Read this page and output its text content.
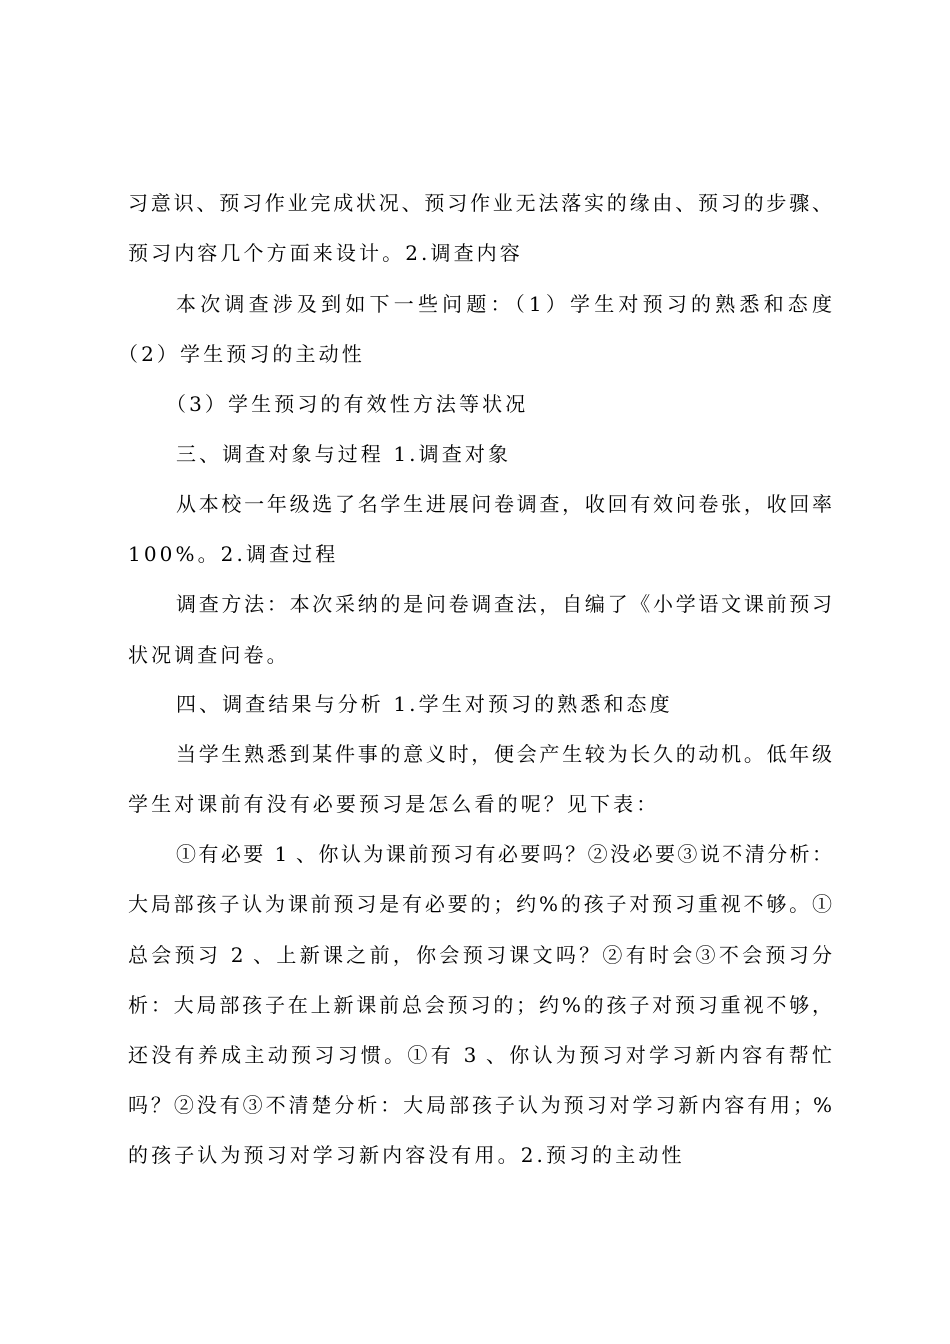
习意识、预习作业完成状况、预习作业无法落实的缘由、预习的步骤、
预习内容几个方面来设计。2.调查内容
本次调查涉及到如下一些问题：（1）学生对预习的熟悉和态度
（2）学生预习的主动性
（3）学生预习的有效性方法等状况
三、调查对象与过程 1.调查对象
从本校一年级选了名学生进展问卷调查，收回有效问卷张，收回率
100%。2.调查过程
调查方法：本次采纳的是问卷调查法，自编了《小学语文课前预习
状况调查问卷。
四、调查结果与分析 1.学生对预习的熟悉和态度
当学生熟悉到某件事的意义时，便会产生较为长久的动机。低年级
学生对课前有没有必要预习是怎么看的呢？见下表：
①有必要 1 、你认为课前预习有必要吗？②没必要③说不清分析：
大局部孩子认为课前预习是有必要的；约%的孩子对预习重视不够。①
总会预习 2 、上新课之前，你会预习课文吗？②有时会③不会预习分
析：大局部孩子在上新课前总会预习的；约%的孩子对预习重视不够，
还没有养成主动预习习惯。①有 3 、你认为预习对学习新内容有帮忙
吗？②没有③不清楚分析：大局部孩子认为预习对学习新内容有用；%
的孩子认为预习对学习新内容没有用。2.预习的主动性
